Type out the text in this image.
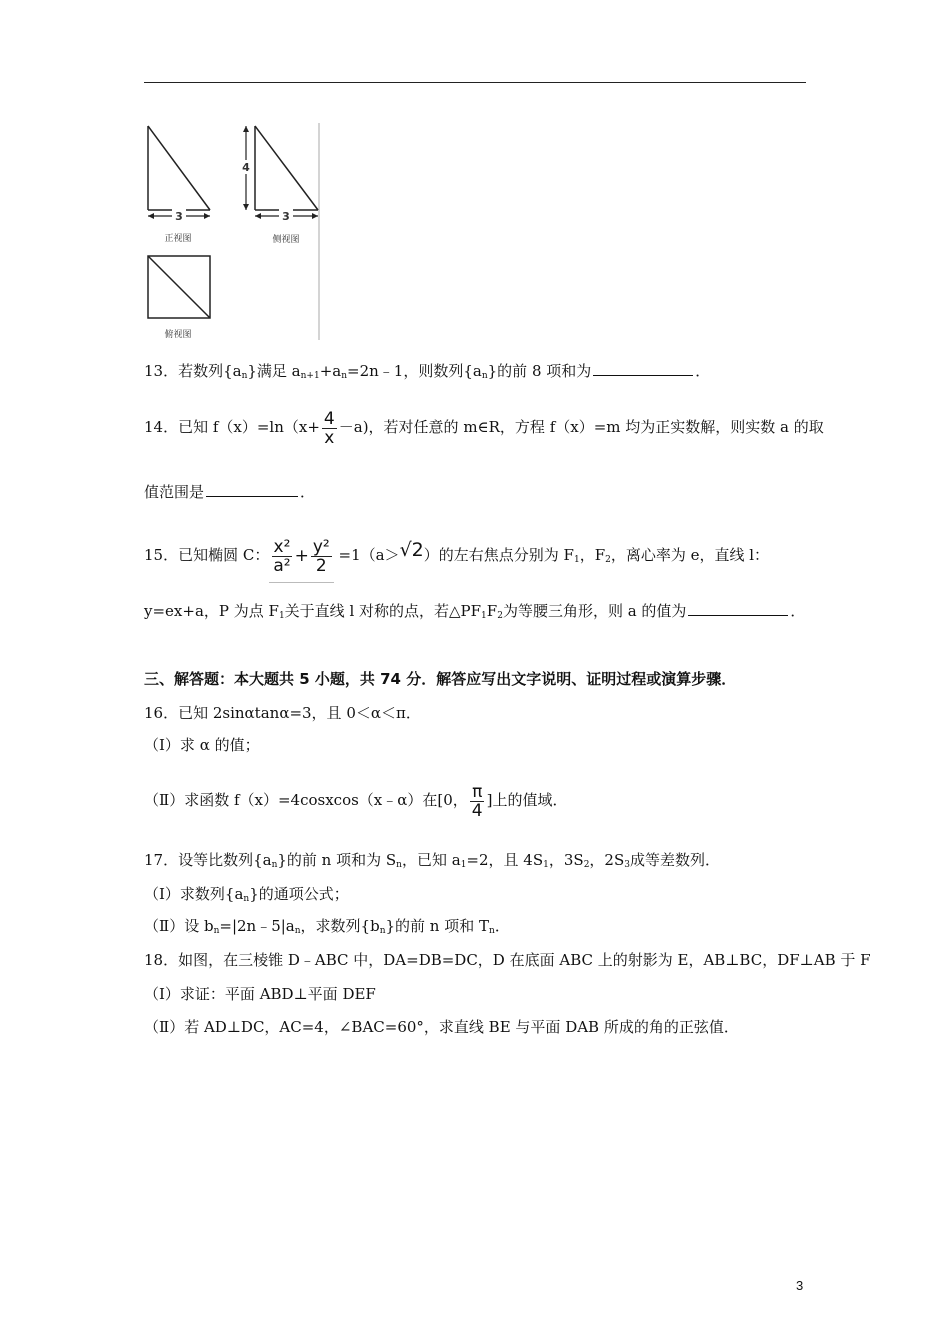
3
正视图
4
3
侧视图
俯视图
13．若数列$\{a_n\}$满足 $a_{n+1}+a_n=2n﹣1$，则数列$\{a_n\}$的前 8 项和为	．
14．已知 $f(x)=\ln(x+ \frac{4}{x} -a)$，若对任意的 m∈R，方程 f（x）=m 均为正实数解，则实数 a 的取
值范围是	．
15．已知椭圆 C： $\frac{\text{x²}}{\text{a²}} + \frac{\text{y²}}{2} =1(a>√2)$的左右焦点分别为 $F_1$，$F_2$，离心率为 e，直线 l：
y=ex+a，P 为点 $F_1$关于直线 l 对称的点，若$\triangle PF_1F_2$为等腰三角形，则 a 的值为	．
三、解答题：本大题共 5 小题，共 74 分．解答应写出文字说明、证明过程或演算步骤．
16．已知 2sinαtanα=3，且 0＜α＜π．
（I）求 α 的值；
（Ⅱ）求函数 f（x）=4cosxcos（x﹣α）在[0， $\frac{\pi}{4}$ ]上的值域．
17．设等比数列$\{a_n\}$的前 n 项和为 $S_n$，已知 $a_1=2$，且 $4S_1$，$3S_2$，$2S_3$成等差数列．
（Ⅰ）求数列$\{a_n\}$的通项公式；
（Ⅱ）设 $b_n=|2n﹣5|a_n$，求数列$\{b_n\}$的前 n 项和 $T_n$．
18．如图，在三棱锥 D﹣ABC 中，DA=DB=DC，D 在底面 ABC 上的射影为 E，AB⊥BC，DF⊥AB 于 F
（Ⅰ）求证：平面 ABD⊥平面 DEF
（Ⅱ）若 AD⊥DC，AC=4，∠BAC=60°，求直线 BE 与平面 DAB 所成的角的正弦值．
3
